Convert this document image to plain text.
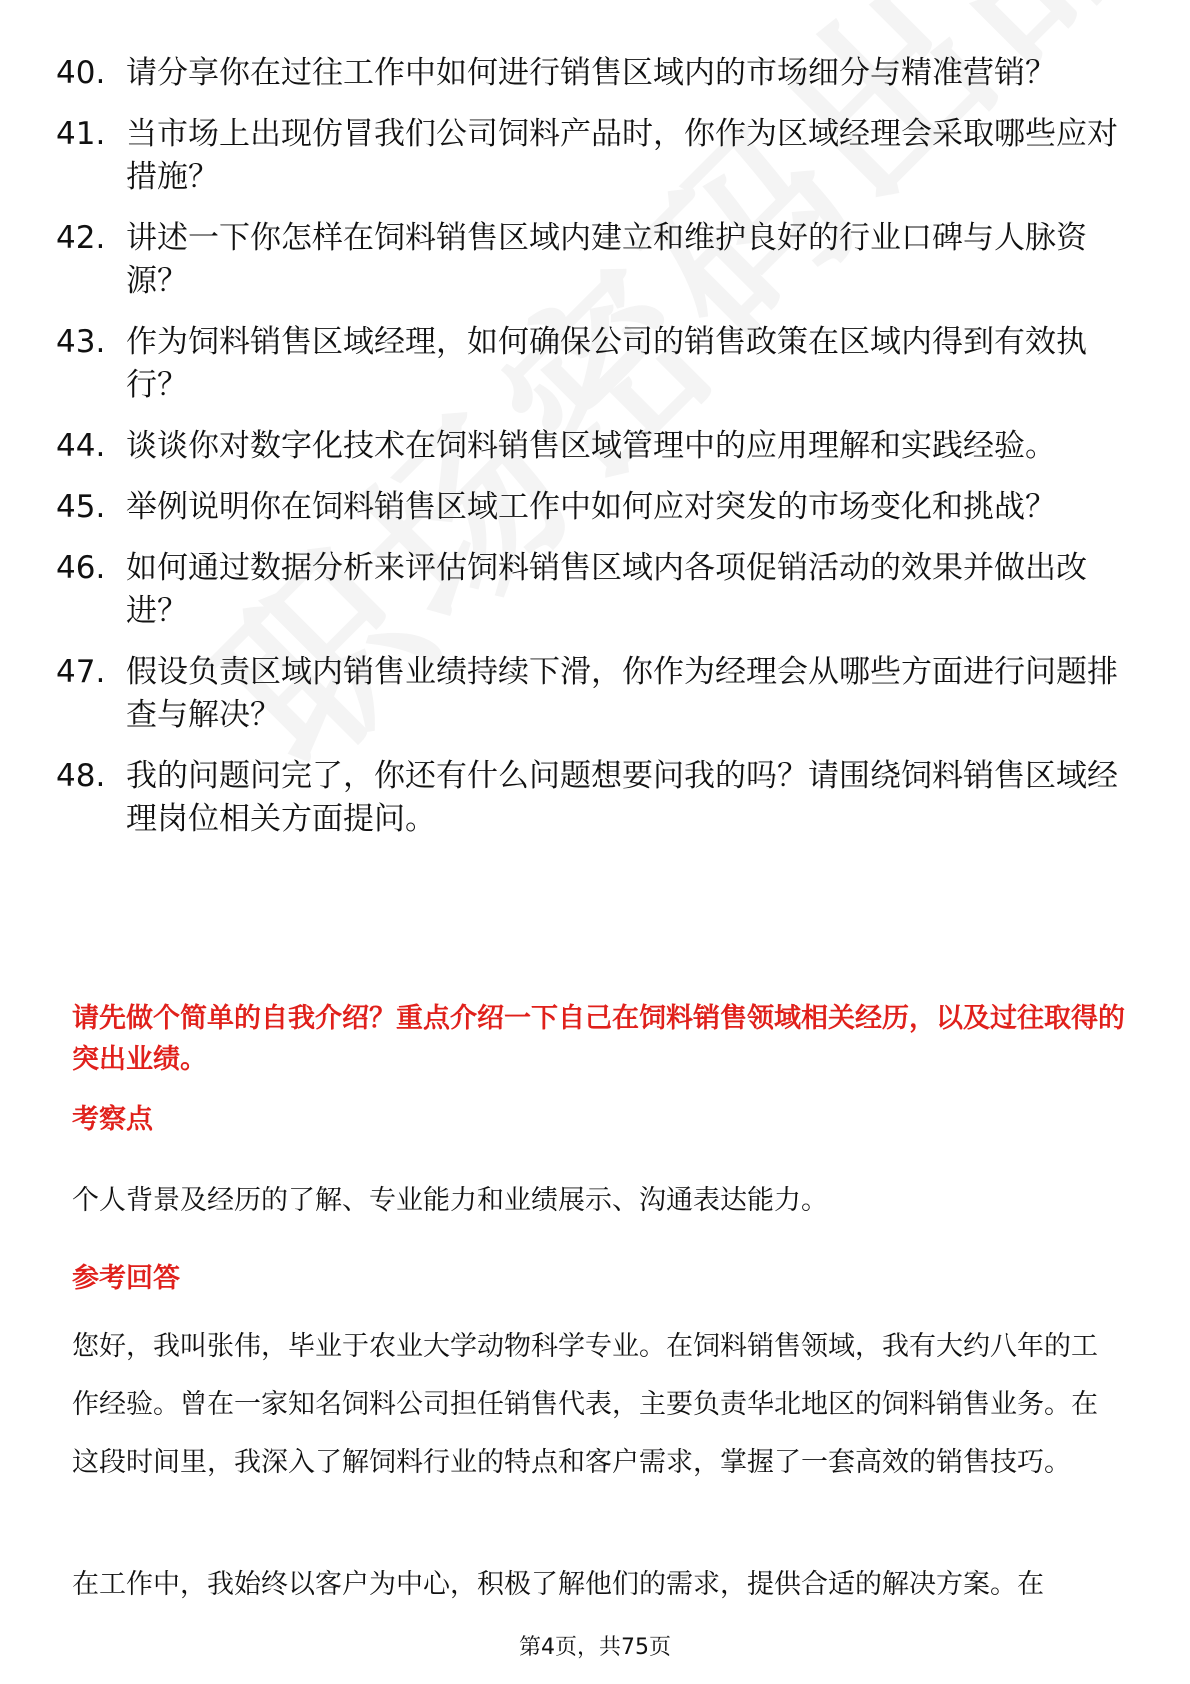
40. 请分享你在过往工作中如何进行销售区域内的市场细分与精准营销？
41. 当市场上出现仿冒我们公司饲料产品时，你作为区域经理会采取哪些应对措施？
42. 讲述一下你怎样在饲料销售区域内建立和维护良好的行业口碑与人脉资源？
43. 作为饲料销售区域经理，如何确保公司的销售政策在区域内得到有效执行？
44. 谈谈你对数字化技术在饲料销售区域管理中的应用理解和实践经验。
45. 举例说明你在饲料销售区域工作中如何应对突发的市场变化和挑战？
46. 如何通过数据分析来评估饲料销售区域内各项促销活动的效果并做出改进？
47. 假设负责区域内销售业绩持续下滑，你作为经理会从哪些方面进行问题排查与解决？
48. 我的问题问完了，你还有什么问题想要问我的吗？请围绕饲料销售区域经理岗位相关方面提问。
请先做个简单的自我介绍？重点介绍一下自己在饲料销售领域相关经历，以及过往取得的突出业绩。
考察点
个人背景及经历的了解、专业能力和业绩展示、沟通表达能力。
参考回答
您好，我叫张伟，毕业于农业大学动物科学专业。在饲料销售领域，我有大约八年的工作经验。曾在一家知名饲料公司担任销售代表，主要负责华北地区的饲料销售业务。在这段时间里，我深入了解饲料行业的特点和客户需求，掌握了一套高效的销售技巧。
在工作中，我始终以客户为中心，积极了解他们的需求，提供合适的解决方案。在
第4页，共75页
